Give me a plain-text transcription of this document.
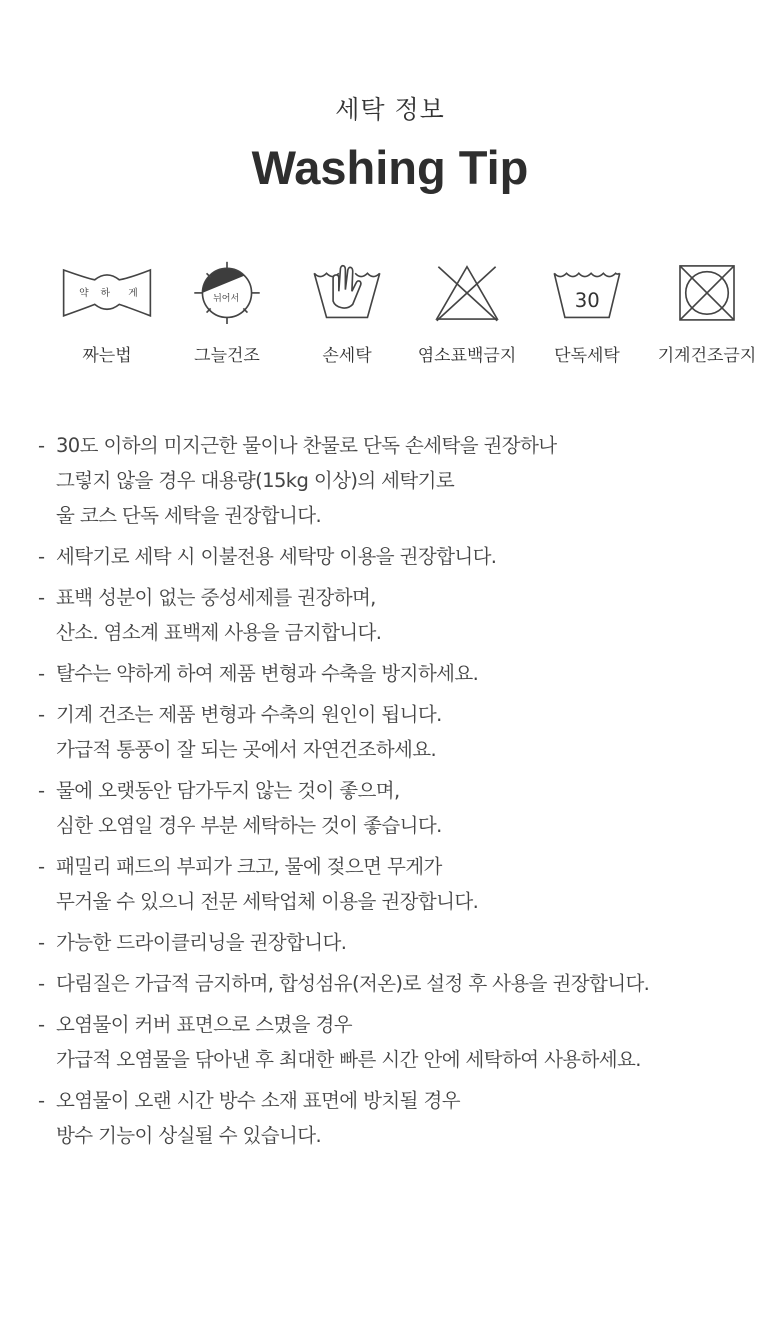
세탁 정보
Washing Tip
약 하 게
짜는법
뉘어서
그늘건조	손세탁	염소표백금지
30
단독세탁	기계건조금지
- 30도 이하의 미지근한 물이나 찬물로 단독 손세탁을 권장하나
그렇지 않을 경우 대용량(15kg 이상)의 세탁기로
울 코스 단독 세탁을 권장합니다.
- 세탁기로 세탁 시 이불전용 세탁망 이용을 권장합니다.
- 표백 성분이 없는 중성세제를 권장하며,
산소. 염소계 표백제 사용을 금지합니다.
- 탈수는 약하게 하여 제품 변형과 수축을 방지하세요.
- 기계 건조는 제품 변형과 수축의 원인이 됩니다.
가급적 통풍이 잘 되는 곳에서 자연건조하세요.
- 물에 오랫동안 담가두지 않는 것이 좋으며,
심한 오염일 경우 부분 세탁하는 것이 좋습니다.
- 패밀리 패드의 부피가 크고, 물에 젖으면 무게가
무거울 수 있으니 전문 세탁업체 이용을 권장합니다.
- 가능한 드라이클리닝을 권장합니다.
- 다림질은 가급적 금지하며, 합성섬유(저온)로 설정 후 사용을 권장합니다.
- 오염물이 커버 표면으로 스몄을 경우
가급적 오염물을 닦아낸 후 최대한 빠른 시간 안에 세탁하여 사용하세요.
- 오염물이 오랜 시간 방수 소재 표면에 방치될 경우
방수 기능이 상실될 수 있습니다.
